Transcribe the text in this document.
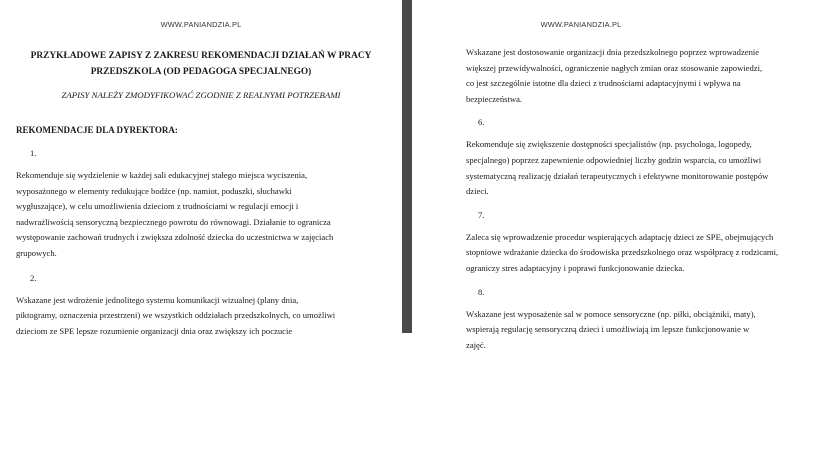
WWW.PANIANDZIA.PL
PRZYKŁADOWE ZAPISY Z ZAKRESU REKOMENDACJI DZIAŁAŃ W PRACY
PRZEDSZKOLA (OD PEDAGOGA SPECJALNEGO)
ZAPISY NALEŻY ZMODYFIKOWAĆ ZGODNIE Z REALNYMI POTRZEBAMI
REKOMENDACJE DLA DYREKTORA:
1.
Rekomenduje się wydzielenie w każdej sali edukacyjnej stałego miejsca wyciszenia,
wyposażonego w elementy redukujące bodźce (np. namiot, poduszki, słuchawki
wygłuszające), w celu umożliwienia dzieciom z trudnościami w regulacji emocji i
nadwrażliwością sensoryczną bezpiecznego powrotu do równowagi. Działanie to ogranicza
występowanie zachowań trudnych i zwiększa zdolność dziecka do uczestnictwa w zajęciach
grupowych.
2.
Wskazane jest wdrożenie jednolitego systemu komunikacji wizualnej (plany dnia,
piktogramy, oznaczenia przestrzeni) we wszystkich oddziałach przedszkolnych, co umożliwi
dzieciom ze SPE lepsze rozumienie organizacji dnia oraz zwiększy ich poczucie
WWW.PANIANDZIA.PL
Wskazane jest dostosowanie organizacji dnia przedszkolnego poprzez wprowadzenie
większej przewidywalności, ograniczenie nagłych zmian oraz stosowanie zapowiedzi,
co jest szczególnie istotne dla dzieci z trudnościami adaptacyjnymi i wpływa na
bezpieczeństwa.
6.
Rekomenduje się zwiększenie dostępności specjalistów (np. psychologa, logopedy,
specjalnego) poprzez zapewnienie odpowiedniej liczby godzin wsparcia, co umożliwi
systematyczną realizację działań terapeutycznych i efektywne monitorowanie postępów
dzieci.
7.
Zaleca się wprowadzenie procedur wspierających adaptację dzieci ze SPE, obejmujących
stopniowe wdrażanie dziecka do środowiska przedszkolnego oraz współpracę z rodzicami,
ograniczy stres adaptacyjny i poprawi funkcjonowanie dziecka.
8.
Wskazane jest wyposażenie sal w pomoce sensoryczne (np. piłki, obciążniki, maty),
wspierają regulację sensoryczną dzieci i umożliwiają im lepsze funkcjonowanie w
zajęć.
